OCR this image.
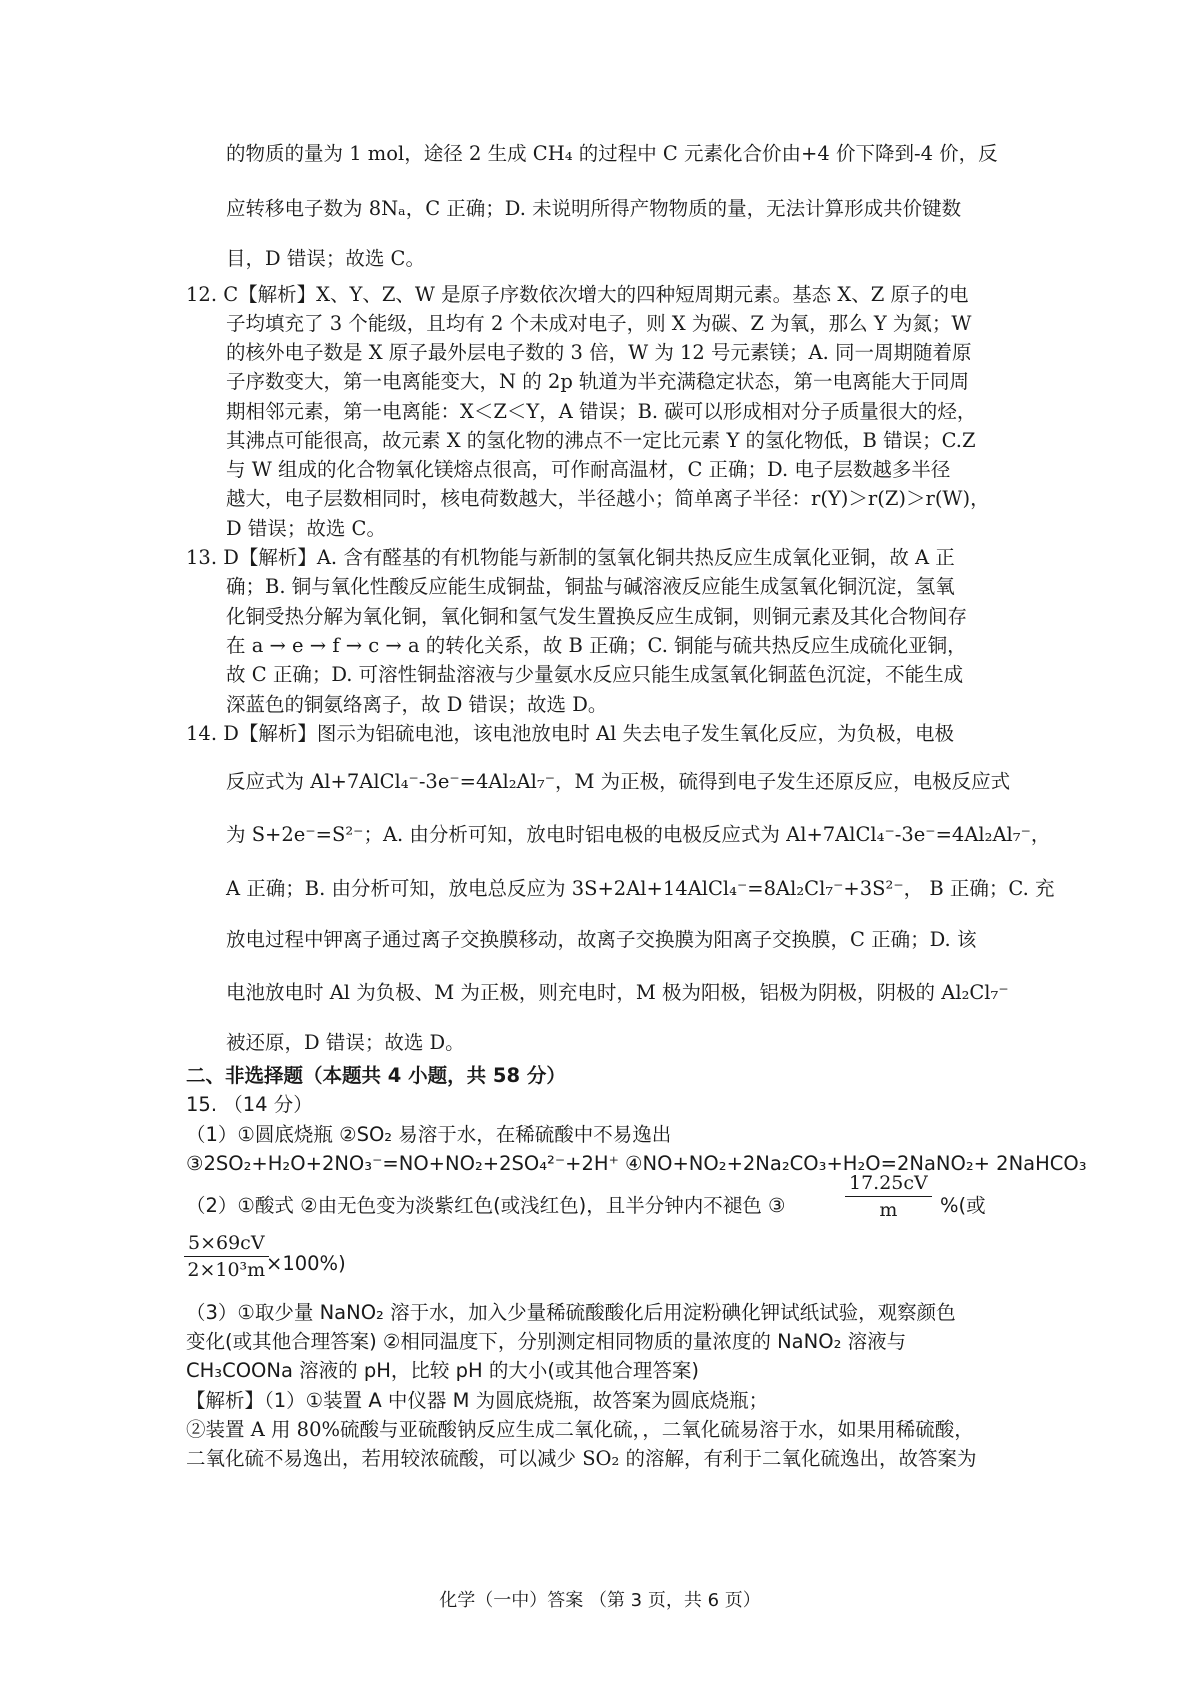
的物质的量为 1 mol，途径 2 生成 CH₄ 的过程中 C 元素化合价由+4 价下降到-4 价，反
应转移电子数为 8Nₐ，C 正确；D. 未说明所得产物物质的量，无法计算形成共价键数
目，D 错误；故选 C。
12. C【解析】X、Y、Z、W 是原子序数依次增大的四种短周期元素。基态 X、Z 原子的电
子均填充了 3 个能级，且均有 2 个未成对电子，则 X 为碳、Z 为氧，那么 Y 为氮；W
的核外电子数是 X 原子最外层电子数的 3 倍，W 为 12 号元素镁；A. 同一周期随着原
子序数变大，第一电离能变大，N 的 2p 轨道为半充满稳定状态，第一电离能大于同周
期相邻元素，第一电离能：X＜Z＜Y，A 错误；B. 碳可以形成相对分子质量很大的烃，
其沸点可能很高，故元素 X 的氢化物的沸点不一定比元素 Y 的氢化物低，B 错误；C.Z
与 W 组成的化合物氧化镁熔点很高，可作耐高温材，C 正确；D. 电子层数越多半径
越大，电子层数相同时，核电荷数越大，半径越小；简单离子半径：r(Y)＞r(Z)＞r(W)，
D 错误；故选 C。
13. D【解析】A. 含有醛基的有机物能与新制的氢氧化铜共热反应生成氧化亚铜，故 A 正
确；B. 铜与氧化性酸反应能生成铜盐，铜盐与碱溶液反应能生成氢氧化铜沉淀，氢氧
化铜受热分解为氧化铜，氧化铜和氢气发生置换反应生成铜，则铜元素及其化合物间存
在 a → e → f → c → a 的转化关系，故 B 正确；C. 铜能与硫共热反应生成硫化亚铜，
故 C 正确；D. 可溶性铜盐溶液与少量氨水反应只能生成氢氧化铜蓝色沉淀，不能生成
深蓝色的铜氨络离子，故 D 错误；故选 D。
14. D【解析】图示为铝硫电池，该电池放电时 Al 失去电子发生氧化反应，为负极，电极
反应式为 Al+7AlCl₄⁻-3e⁻=4Al₂Al₇⁻，M 为正极，硫得到电子发生还原反应，电极反应式
为 S+2e⁻=S²⁻；A. 由分析可知，放电时铝电极的电极反应式为 Al+7AlCl₄⁻-3e⁻=4Al₂Al₇⁻，
A 正确；B. 由分析可知，放电总反应为 3S+2Al+14AlCl₄⁻=8Al₂Cl₇⁻+3S²⁻， B 正确；C. 充
放电过程中钾离子通过离子交换膜移动，故离子交换膜为阳离子交换膜，C 正确；D. 该
电池放电时 Al 为负极、M 为正极，则充电时，M 极为阳极，铝极为阴极，阴极的 Al₂Cl₇⁻
被还原，D 错误；故选 D。
二、非选择题（本题共 4 小题，共 58 分）
15. （14 分）
（1）①圆底烧瓶 ②SO₂ 易溶于水，在稀硫酸中不易逸出
③2SO₂+H₂O+2NO₃⁻=NO+NO₂+2SO₄²⁻+2H⁺ ④NO+NO₂+2Na₂CO₃+H₂O=2NaNO₂+ 2NaHCO₃
（2）①酸式 ②由无色变为淡紫红色(或浅红色)，且半分钟内不褪色 ③	$\frac{17.25cV}{m}$ %(或
$\frac{5\times 69cV}{\text{2×10³m}}$
×100%)
（3）①取少量 NaNO₂ 溶于水，加入少量稀硫酸酸化后用淀粉碘化钾试纸试验，观察颜色
变化(或其他合理答案) ②相同温度下，分别测定相同物质的量浓度的 NaNO₂ 溶液与
CH₃COONa 溶液的 pH，比较 pH 的大小(或其他合理答案)
【解析】（1）①装置 A 中仪器 M 为圆底烧瓶，故答案为圆底烧瓶；
②装置 A 用 80%硫酸与亚硫酸钠反应生成二氧化硫，，二氧化硫易溶于水，如果用稀硫酸，
二氧化硫不易逸出，若用较浓硫酸，可以减少 SO₂ 的溶解，有利于二氧化硫逸出，故答案为
化学（一中）答案 （第 3 页，共 6 页）
